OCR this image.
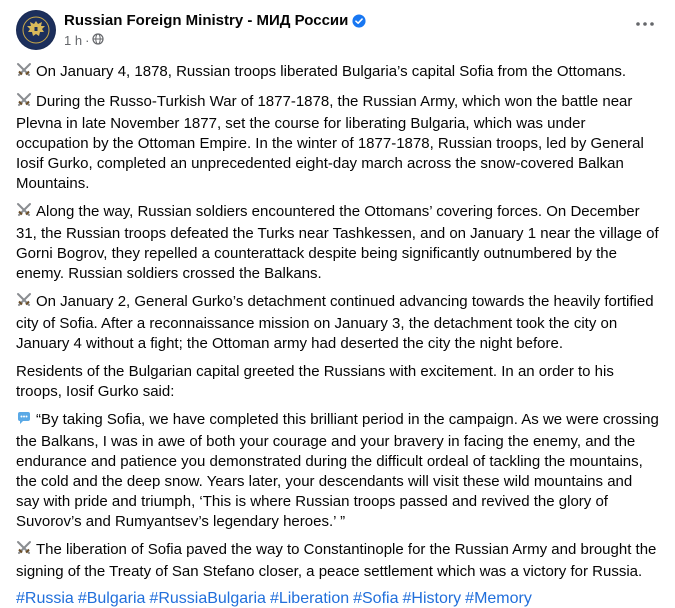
Russian Foreign Ministry - МИД России
1 h ·

On January 4, 1878, Russian troops liberated Bulgaria’s capital Sofia from the Ottomans.

During the Russo-Turkish War of 1877-1878, the Russian Army, which won the battle near Plevna in late November 1877, set the course for liberating Bulgaria, which was under occupation by the Ottoman Empire. In the winter of 1877-1878, Russian troops, led by General Iosif Gurko, completed an unprecedented eight-day march across the snow-covered Balkan Mountains.

Along the way, Russian soldiers encountered the Ottomans’ covering forces. On December 31, the Russian troops defeated the Turks near Tashkessen, and on January 1 near the village of Gorni Bogrov, they repelled a counterattack despite being significantly outnumbered by the enemy. Russian soldiers crossed the Balkans.

On January 2, General Gurko’s detachment continued advancing towards the heavily fortified city of Sofia. After a reconnaissance mission on January 3, the detachment took the city on January 4 without a fight; the Ottoman army had deserted the city the night before.

Residents of the Bulgarian capital greeted the Russians with excitement. In an order to his troops, Iosif Gurko said:

“By taking Sofia, we have completed this brilliant period in the campaign. As we were crossing the Balkans, I was in awe of both your courage and your bravery in facing the enemy, and the endurance and patience you demonstrated during the difficult ordeal of tackling the mountains, the cold and the deep snow. Years later, your descendants will visit these wild mountains and say with pride and triumph, ‘This is where Russian troops passed and revived the glory of Suvorov’s and Rumyantsev’s legendary heroes.’ ”

The liberation of Sofia paved the way to Constantinople for the Russian Army and brought the signing of the Treaty of San Stefano closer, a peace settlement which was a victory for Russia.

#Russia #Bulgaria #RussiaBulgaria #Liberation #Sofia #History #Memory
